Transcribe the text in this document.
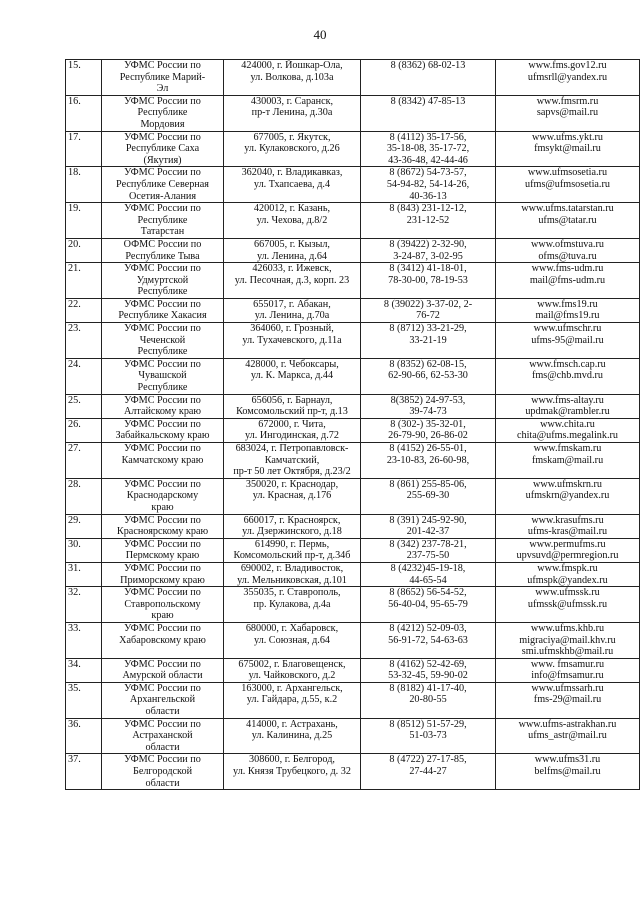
40
15.	УФМС России по
Республике Марий-
Эл	424000, г. Йошкар-Ола,
ул. Волкова, д.103а	8 (8362) 68-02-13	www.fms.gov12.ru
ufmsrll@yandex.ru

16.	УФМС России по
Республике
Мордовия	430003, г. Саранск,
пр-т Ленина, д.30а	8 (8342) 47-85-13	www.fmsrm.ru
sapvs@mail.ru

17.	УФМС России по
Республике Саха
(Якутия)	677005, г. Якутск,
ул. Кулаковского, д.26	8 (4112) 35-17-56,
35-18-08, 35-17-72,
43-36-48, 42-44-46	www.ufms.ykt.ru
fmsykt@mail.ru

18.	УФМС России по
Республике Северная
Осетия-Алания	362040, г. Владикавказ,
ул. Тхапсаева, д.4	8 (8672) 54-73-57,
54-94-82, 54-14-26,
40-36-13	www.ufmsosetia.ru
ufms@ufmsosetia.ru

19.	УФМС России по
Республике
Татарстан	420012, г. Казань,
ул. Чехова, д.8/2	8 (843) 231-12-12,
231-12-52	www.ufms.tatarstan.ru
ufms@tatar.ru

20.	ОФМС России по
Республике Тыва	667005, г. Кызыл,
ул. Ленина, д.64	8 (39422) 2-32-90,
3-24-87, 3-02-95	www.ofmstuva.ru
ofms@tuva.ru

21.	УФМС России по
Удмуртской
Республике	426033, г. Ижевск,
ул. Песочная, д.3, корп. 23	8 (3412) 41-18-01,
78-30-00, 78-19-53	www.fms-udm.ru
mail@fms-udm.ru

22.	УФМС России по
Республике Хакасия	655017, г. Абакан,
ул. Ленина, д.70а	8 (39022) 3-37-02, 2-
76-72	www.fms19.ru
mail@fms19.ru

23.	УФМС России по
Чеченской
Республике	364060, г. Грозный,
ул. Тухачевского, д.11а	8 (8712) 33-21-29,
33-21-19	www.ufmschr.ru
ufms-95@mail.ru

24.	УФМС России по
Чувашской
Республике	428000, г. Чебоксары,
ул. К. Маркса, д.44	8 (8352) 62-08-15,
62-90-66, 62-53-30	www.fmsch.cap.ru
fms@chb.mvd.ru

25.	УФМС России по
Алтайскому краю	656056, г. Барнаул,
Комсомольский пр-т, д.13	8(3852) 24-97-53,
39-74-73	www.fms-altay.ru
updmak@rambler.ru

26.	УФМС России по
Забайкальскому краю	672000, г. Чита,
ул. Ингодинская, д.72	8 (302-) 35-32-01,
26-79-90, 26-86-02	www.chita.ru
chita@ufms.megalink.ru

27.	УФМС России по
Камчатскому краю	683024, г. Петропавловск-
Камчатский,
пр-т 50 лет Октября, д.23/2	8 (4152) 26-55-01,
23-10-83, 26-60-98,	www.fmskam.ru
fmskam@mail.ru

28.	УФМС России по
Краснодарскому
краю	350020, г. Краснодар,
ул. Красная, д.176	8 (861) 255-85-06,
255-69-30	www.ufmskrn.ru
ufmskrn@yandex.ru

29.	УФМС России по
Красноярскому краю	660017, г. Красноярск,
ул. Дзержинского, д.18	8 (391) 245-92-90,
201-42-37	www.krasufms.ru
ufms-kras@mail.ru

30.	УФМС России по
Пермскому краю	614990, г. Пермь,
Комсомольский пр-т, д.34б	8 (342) 237-78-21,
237-75-50	www.permufms.ru
upvsuvd@permregion.ru

31.	УФМС России по
Приморскому краю	690002, г. Владивосток,
ул. Мельниковская, д.101	8 (4232)45-19-18,
44-65-54	www.fmspk.ru
ufmspk@yandex.ru

32.	УФМС России по
Ставропольскому
краю	355035, г. Ставрополь,
пр. Кулакова, д.4а	8 (8652) 56-54-52,
56-40-04, 95-65-79	www.ufmssk.ru
ufmssk@ufmssk.ru

33.	УФМС России по
Хабаровскому краю	680000, г. Хабаровск,
ул. Союзная, д.64	8 (4212) 52-09-03,
56-91-72, 54-63-63	www.ufms.khb.ru
migraciya@mail.khv.ru
smi.ufmskhb@mail.ru

34.	УФМС России по
Амурской области	675002, г. Благовещенск,
ул. Чайковского, д.2	8 (4162) 52-42-69,
53-32-45, 59-90-02	www. fmsamur.ru
info@fmsamur.ru

35.	УФМС России по
Архангельской
области	163000, г. Архангельск,
ул. Гайдара, д.55, к.2	8 (8182) 41-17-40,
20-80-55	www.ufmssarh.ru
fms-29@mail.ru

36.	УФМС России по
Астраханской
области	414000, г. Астрахань,
ул. Калинина, д.25	8 (8512) 51-57-29,
51-03-73	www.ufms-astrakhan.ru
ufms_astr@mail.ru

37.	УФМС России по
Белгородской
области	308600, г. Белгород,
ул. Князя Трубецкого, д. 32	8 (4722) 27-17-85,
27-44-27	www.ufms31.ru
belfms@mail.ru
